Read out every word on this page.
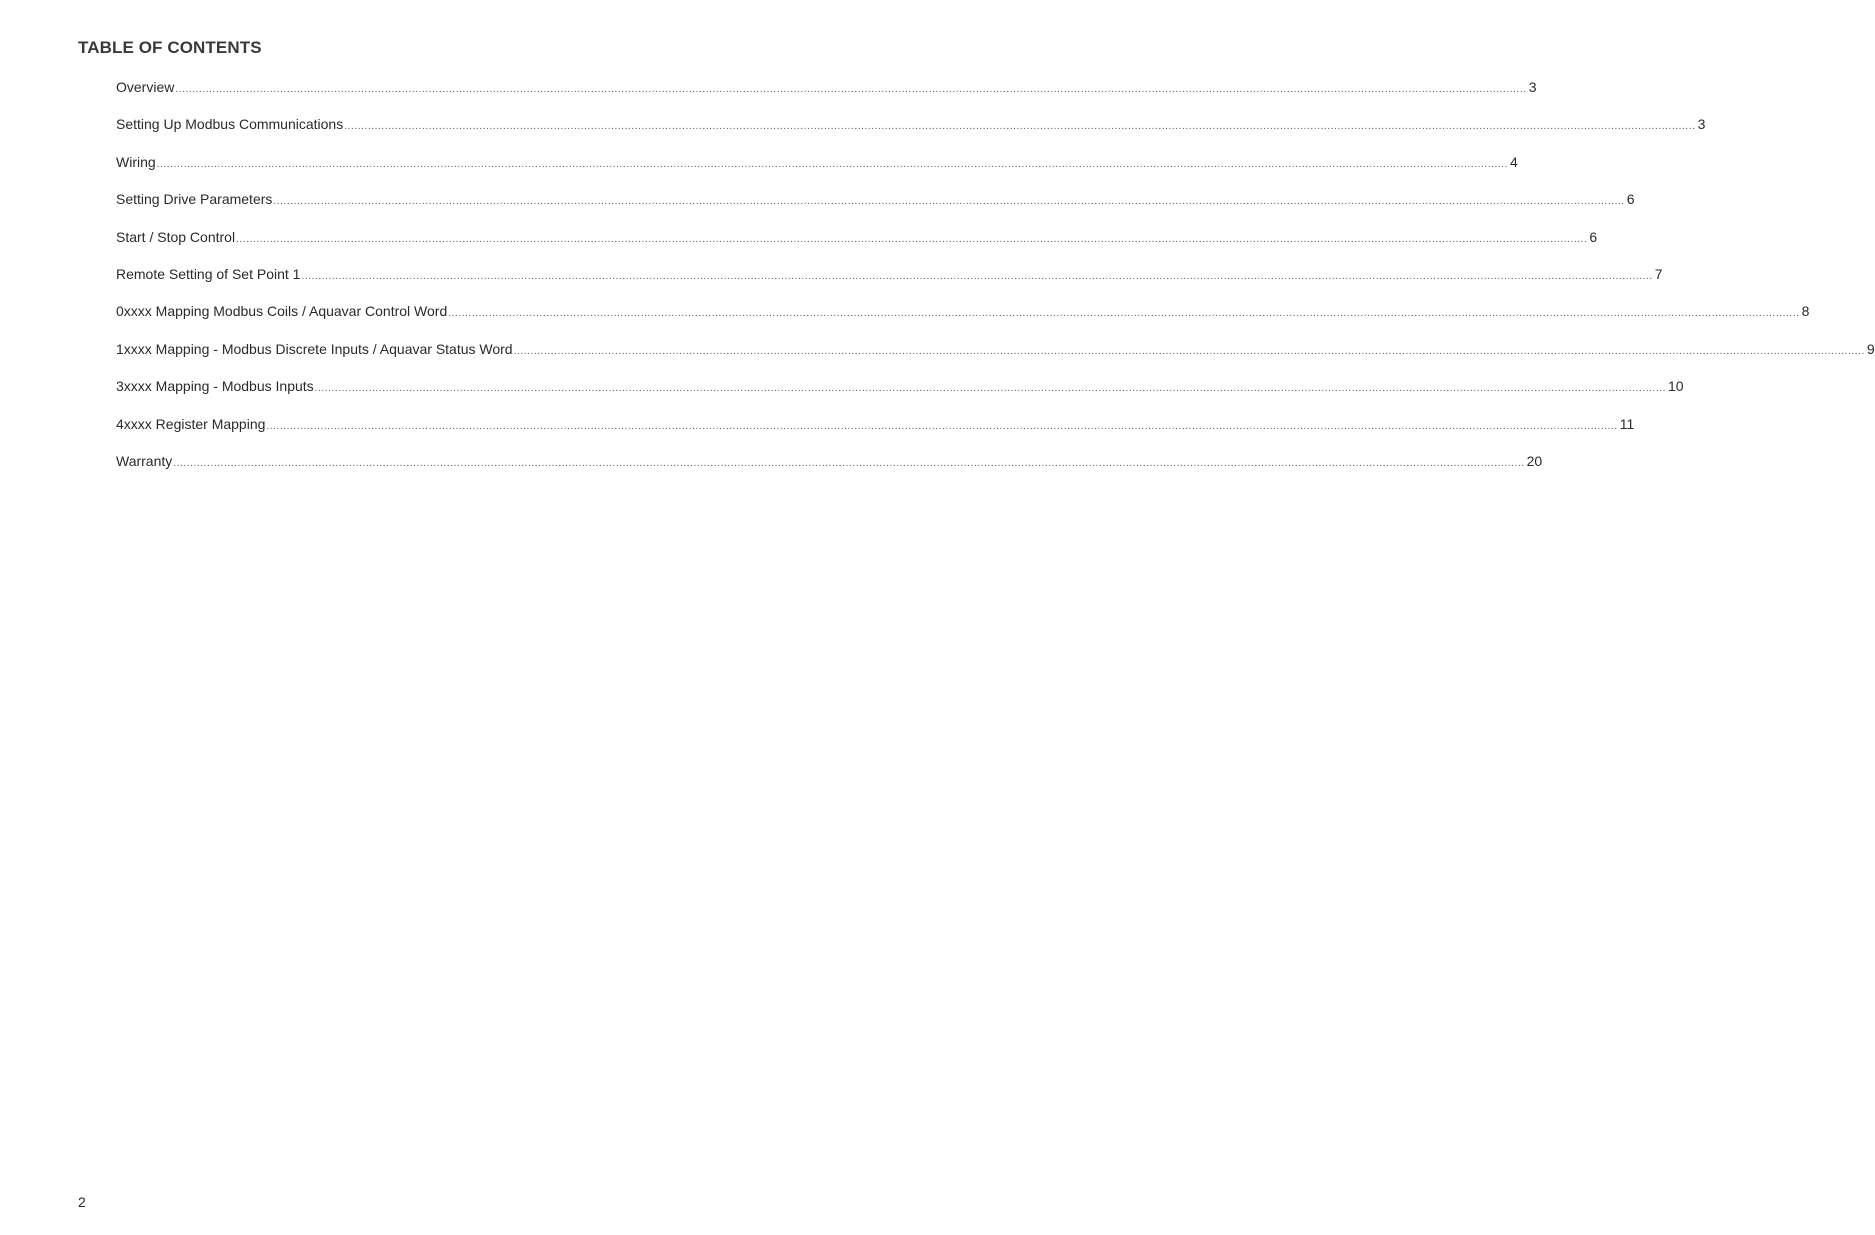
TABLE OF CONTENTS
Overview ................................................................................................................................................................................................................................................................................................................................................................................................................ 3
Setting Up Modbus Communications ................................................................................................................................................................................................................................................................................................................................................................................................................ 3
Wiring ................................................................................................................................................................................................................................................................................................................................................................................................................ 4
Setting Drive Parameters ................................................................................................................................................................................................................................................................................................................................................................................................................ 6
Start / Stop Control ................................................................................................................................................................................................................................................................................................................................................................................................................ 6
Remote Setting of Set Point 1 ................................................................................................................................................................................................................................................................................................................................................................................................................ 7
0xxxx Mapping Modbus Coils / Aquavar Control Word ................................................................................................................................................................................................................................................................................................................................................................................................................ 8
1xxxx Mapping - Modbus Discrete Inputs / Aquavar Status Word ................................................................................................................................................................................................................................................................................................................................................................................................................ 9
3xxxx Mapping - Modbus Inputs ................................................................................................................................................................................................................................................................................................................................................................................................................ 10
4xxxx Register Mapping ................................................................................................................................................................................................................................................................................................................................................................................................................ 11
Warranty ................................................................................................................................................................................................................................................................................................................................................................................................................ 20
2
